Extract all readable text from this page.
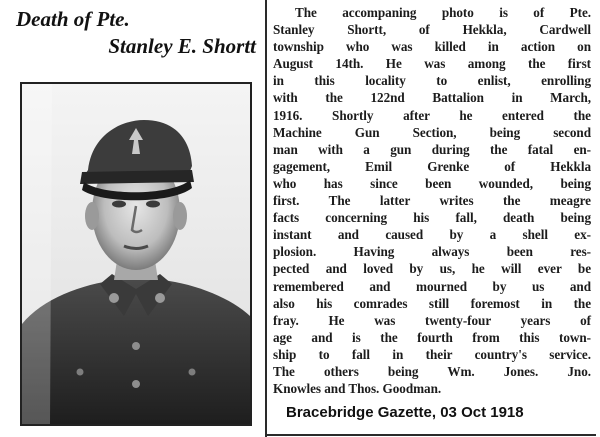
Death of Pte.
Stanley E. Shortt
The accompaning photo is of Pte.
Stanley Shortt, of Hekkla, Cardwell
township who was killed in action on
August 14th. He was among the first
in this locality to enlist, enrolling
with the 122nd Battalion in March,
1916. Shortly after he entered the
Machine Gun Section, being second
man with a gun during the fatal en-
gagement, Emil Grenke of Hekkla
who has since been wounded, being
first. The latter writes the meagre
facts concerning his fall, death being
instant and caused by a shell ex-
plosion. Having always been res-
pected and loved by us, he will ever be
remembered and mourned by us and
also his comrades still foremost in the
fray. He was twenty-four years of
age and is the fourth from this town-
ship to fall in their country's service.
The others being Wm. Jones. Jno.
Knowles and Thos. Goodman.
Bracebridge Gazette, 03 Oct 1918
